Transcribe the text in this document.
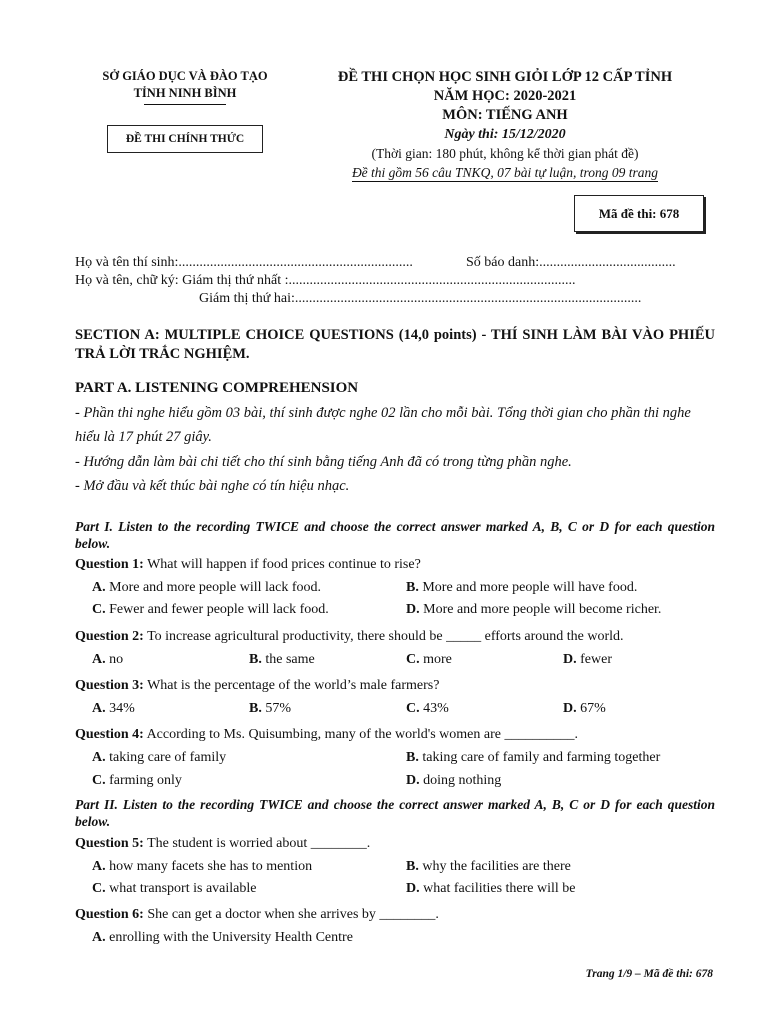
SỞ GIÁO DỤC VÀ ĐÀO TẠO
TỈNH NINH BÌNH
ĐỀ THI CHÍNH THỨC
ĐỀ THI CHỌN HỌC SINH GIỎI LỚP 12 CẤP TỈNH
NĂM HỌC: 2020-2021
MÔN: TIẾNG ANH
Ngày thi: 15/12/2020
(Thời gian: 180 phút, không kể thời gian phát đề)
Đề thi gồm 56 câu TNKQ, 07 bài tự luận, trong 09 trang
Mã đề thi: 678
Họ và tên thí sinh:...................................................................	Số báo danh:.......................................
Họ và tên, chữ ký: Giám thị thứ nhất :..................................................................................
Giám thị thứ hai:...................................................................................................
SECTION A: MULTIPLE CHOICE QUESTIONS (14,0 points) - THÍ SINH LÀM BÀI VÀO PHIẾU TRẢ LỜI TRẮC NGHIỆM.
PART A. LISTENING COMPREHENSION
- Phần thi nghe hiểu gồm 03 bài, thí sinh được nghe 02 lần cho mỗi bài. Tổng thời gian cho phần thi nghe hiểu là 17 phút 27 giây.
- Hướng dẫn làm bài chi tiết cho thí sinh bằng tiếng Anh đã có trong từng phần nghe.
- Mở đầu và kết thúc bài nghe có tín hiệu nhạc.
Part I. Listen to the recording TWICE and choose the correct answer marked A, B, C or D for each question below.
Question 1: What will happen if food prices continue to rise?
A. More and more people will lack food.	B. More and more people will have food.
C. Fewer and fewer people will lack food.	D. More and more people will become richer.
Question 2: To increase agricultural productivity, there should be _____ efforts around the world.
A. no	B. the same	C. more	D. fewer
Question 3: What is the percentage of the world’s male farmers?
A. 34%	B. 57%	C. 43%	D. 67%
Question 4: According to Ms. Quisumbing, many of the world's women are __________.
A. taking care of family	B. taking care of family and farming together
C. farming only	D. doing nothing
Part II. Listen to the recording TWICE and choose the correct answer marked A, B, C or D for each question below.
Question 5: The student is worried about ________.
A. how many facets she has to mention	B. why the facilities are there
C. what transport is available	D. what facilities there will be
Question 6: She can get a doctor when she arrives by ________.
A. enrolling with the University Health Centre
Trang 1/9 – Mã đề thi: 678
